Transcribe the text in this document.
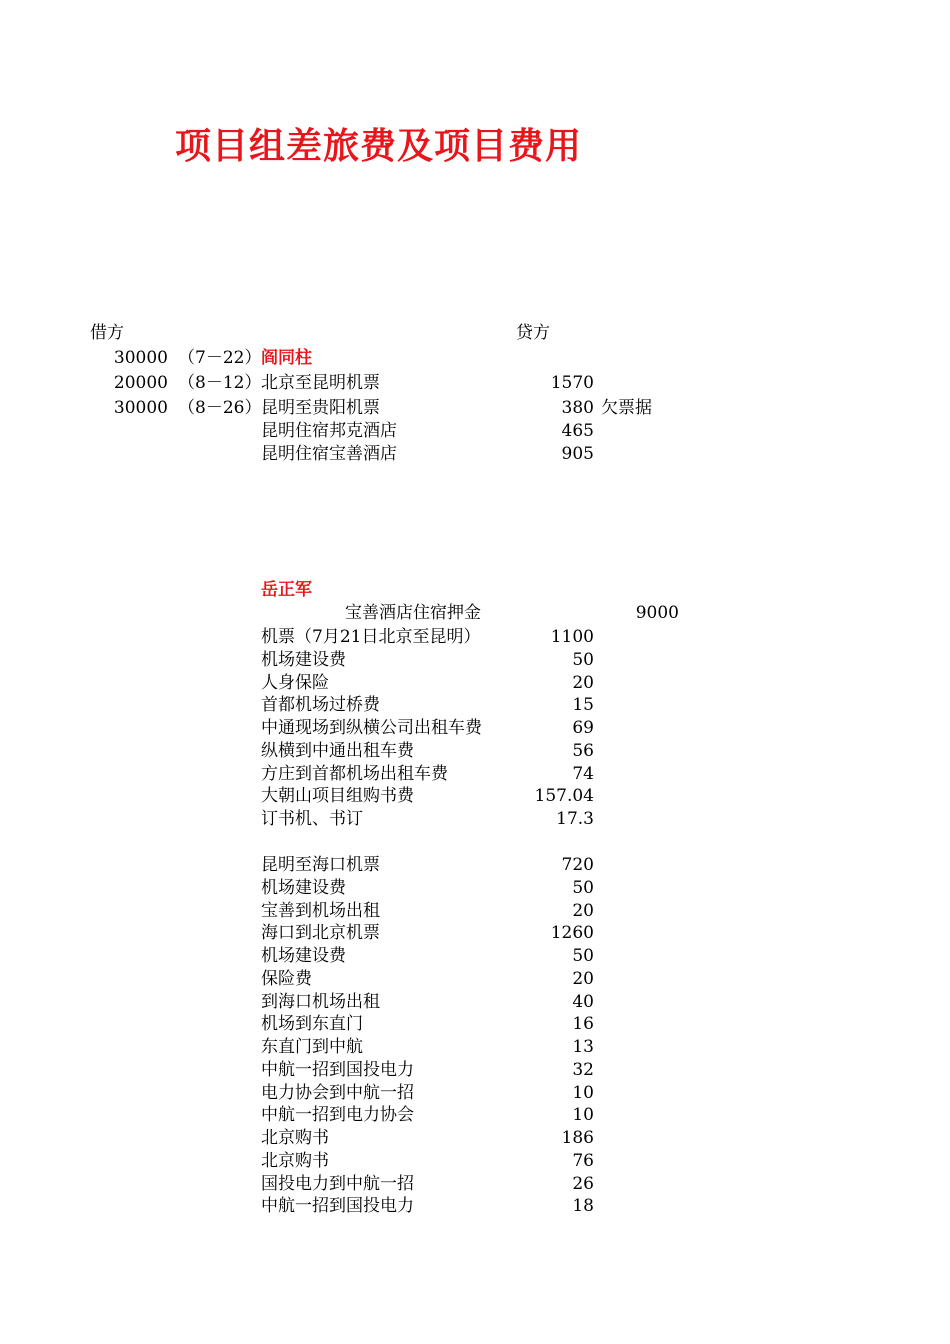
项目组差旅费及项目费用
借方	贷方
30000 （7－22） 阎同柱
20000 （8－12） 北京至昆明机票	1570
30000 （8－26） 昆明至贵阳机票	380 欠票据
昆明住宿邦克酒店	465
昆明住宿宝善酒店	905
岳正军
宝善酒店住宿押金	9000
机票（7月21日北京至昆明）	1100
机场建设费	50
人身保险	20
首都机场过桥费	15
中通现场到纵横公司出租车费	69
纵横到中通出租车费	56
方庄到首都机场出租车费	74
大朝山项目组购书费	157.04
订书机、书订	17.3
昆明至海口机票	720
机场建设费	50
宝善到机场出租	20
海口到北京机票	1260
机场建设费	50
保险费	20
到海口机场出租	40
机场到东直门	16
东直门到中航	13
中航一招到国投电力	32
电力协会到中航一招	10
中航一招到电力协会	10
北京购书	186
北京购书	76
国投电力到中航一招	26
中航一招到国投电力	18
